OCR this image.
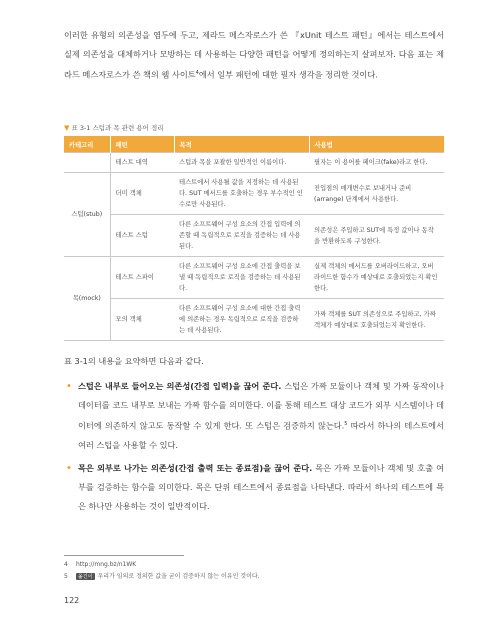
이러한 유형의 의존성을 염두에 두고, 제라드 메스자로스가 쓴 『xUnit 테스트 패턴』에서는 테스트에서 실제 의존성을 대체하거나 모방하는 데 사용하는 다양한 패턴을 어떻게 정의하는지 살펴보자. 다음 표는 제라드 메스자로스가 쓴 책의 웹 사이트$^4$에서 일부 패턴에 대한 필자 생각을 정리한 것이다.
▼ 표 3-1 스텁과 목 관련 용어 정리
카테고리	패턴	목적	사용법
	테스트 대역	스텁과 목을 포괄한 일반적인 이름이다.	필자는 이 용어를 페이크(fake)라고 한다.
스텁(stub)	더미 객체	테스트에서 사용될 값을 지정하는 데 사용된다. SUT 메서드를 호출하는 경우 부수적인 인수로만 사용된다.	진입점의 매개변수로 보내거나 준비(arrange) 단계에서 사용한다.
	테스트 스텁	다른 소프트웨어 구성 요소의 간접 입력에 의존할 때 독립적으로 로직을 검증하는 데 사용된다.	의존성은 주입하고 SUT에 특정 값이나 동작을 반환하도록 구성한다.
목(mock)	테스트 스파이	다른 소프트웨어 구성 요소에 간접 출력을 보낼 때 독립적으로 로직을 검증하는 데 사용된다.	실제 객체의 메서드를 오버라이드하고, 오버라이드한 함수가 예상대로 호출되었는지 확인한다.
	모의 객체	다른 소프트웨어 구성 요소에 대한 간접 출력에 의존하는 경우 독립적으로 로직을 검증하는 데 사용된다.	가짜 객체를 SUT 의존성으로 주입하고, 가짜 객체가 예상대로 호출되었는지 확인한다.
표 3-1의 내용을 요약하면 다음과 같다.
• 스텁은 내부로 들어오는 의존성(간접 입력)을 끊어 준다. 스텁은 가짜 모듈이나 객체 및 가짜 동작이나 데이터를 코드 내부로 보내는 가짜 함수를 의미한다. 이를 통해 테스트 대상 코드가 외부 시스템이나 데이터에 의존하지 않고도 동작할 수 있게 한다. 또 스텁은 검증하지 않는다.$^5$ 따라서 하나의 테스트에서 여러 스텁을 사용할 수 있다.
• 목은 외부로 나가는 의존성(간접 출력 또는 종료점)을 끊어 준다. 목은 가짜 모듈이나 객체 및 호출 여부를 검증하는 함수를 의미한다. 목은 단위 테스트에서 종료점을 나타낸다. 따라서 하나의 테스트에 목은 하나만 사용하는 것이 일반적이다.
4 http://mng.bz/n1WK
5 옮긴이 우리가 임의로 정의한 값을 굳이 검증하지 않는 이유인 것이다.
122
